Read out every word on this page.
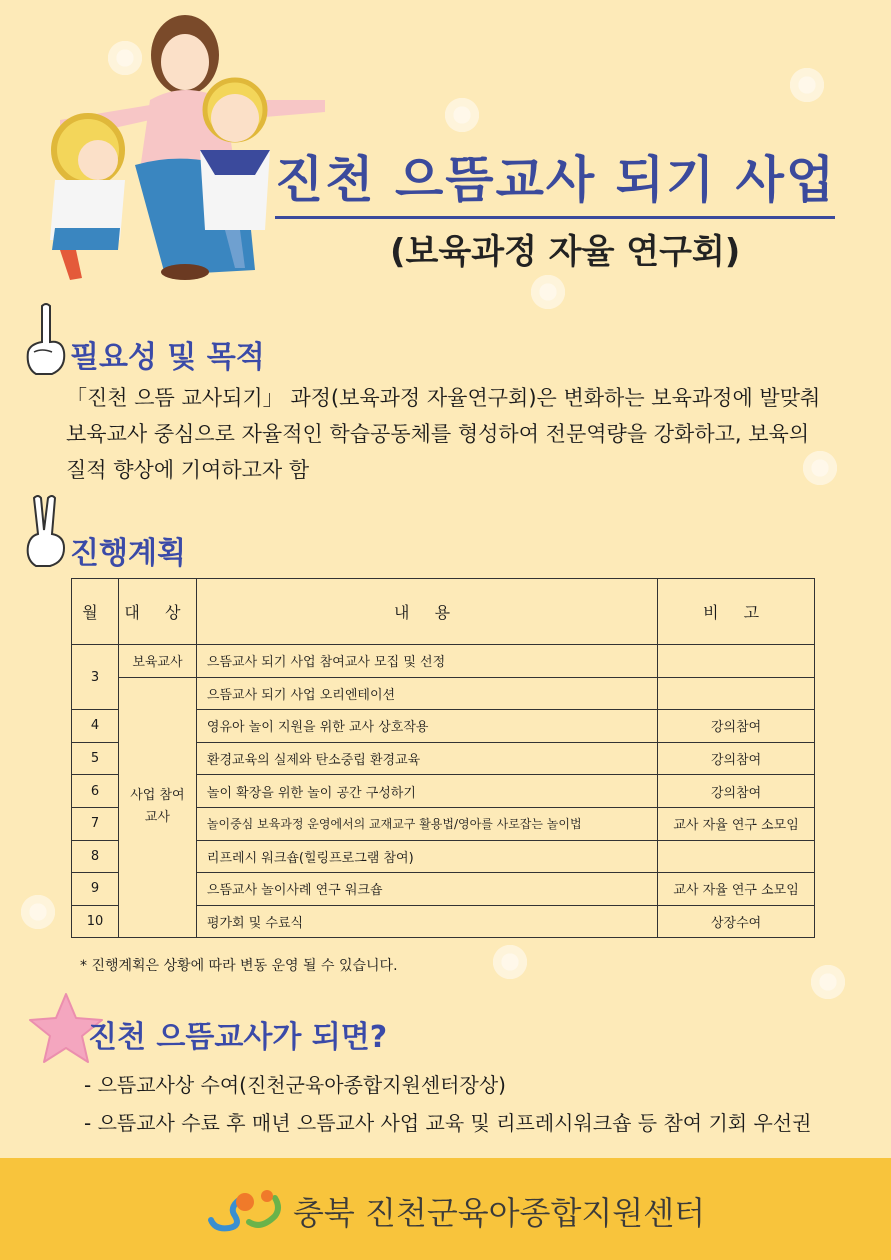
진천 으뜸교사 되기 사업
(보육과정 자율 연구회)
필요성 및 목적
「진천 으뜸 교사되기」 과정(보육과정 자율연구회)은 변화하는 보육과정에 발맞춰 보육교사 중심으로 자율적인 학습공동체를 형성하여 전문역량을 강화하고, 보육의 질적 향상에 기여하고자 함
진행계획
월	대 상	내 용	비 고
3	보육교사	으뜸교사 되기 사업 참여교사 모집 및 선정	
	사업 참여 교사	으뜸교사 되기 사업 오리엔테이션	
4		영유아 놀이 지원을 위한 교사 상호작용	강의참여
5		환경교육의 실제와 탄소중립 환경교육	강의참여
6		놀이 확장을 위한 놀이 공간 구성하기	강의참여
7		놀이중심 보육과정 운영에서의 교재교구 활용법/영아를 사로잡는 놀이법	교사 자율 연구 소모임
8		리프레시 워크숍(힐링프로그램 참여)	
9		으뜸교사 놀이사례 연구 워크숍	교사 자율 연구 소모임
10		평가회 및 수료식	상장수여
* 진행계획은 상황에 따라 변동 운영 될 수 있습니다.
진천 으뜸교사가 되면?
- 으뜸교사상 수여(진천군육아종합지원센터장상)
- 으뜸교사 수료 후 매년 으뜸교사 사업 교육 및 리프레시워크숍 등 참여 기회 우선권
충북 진천군육아종합지원센터
